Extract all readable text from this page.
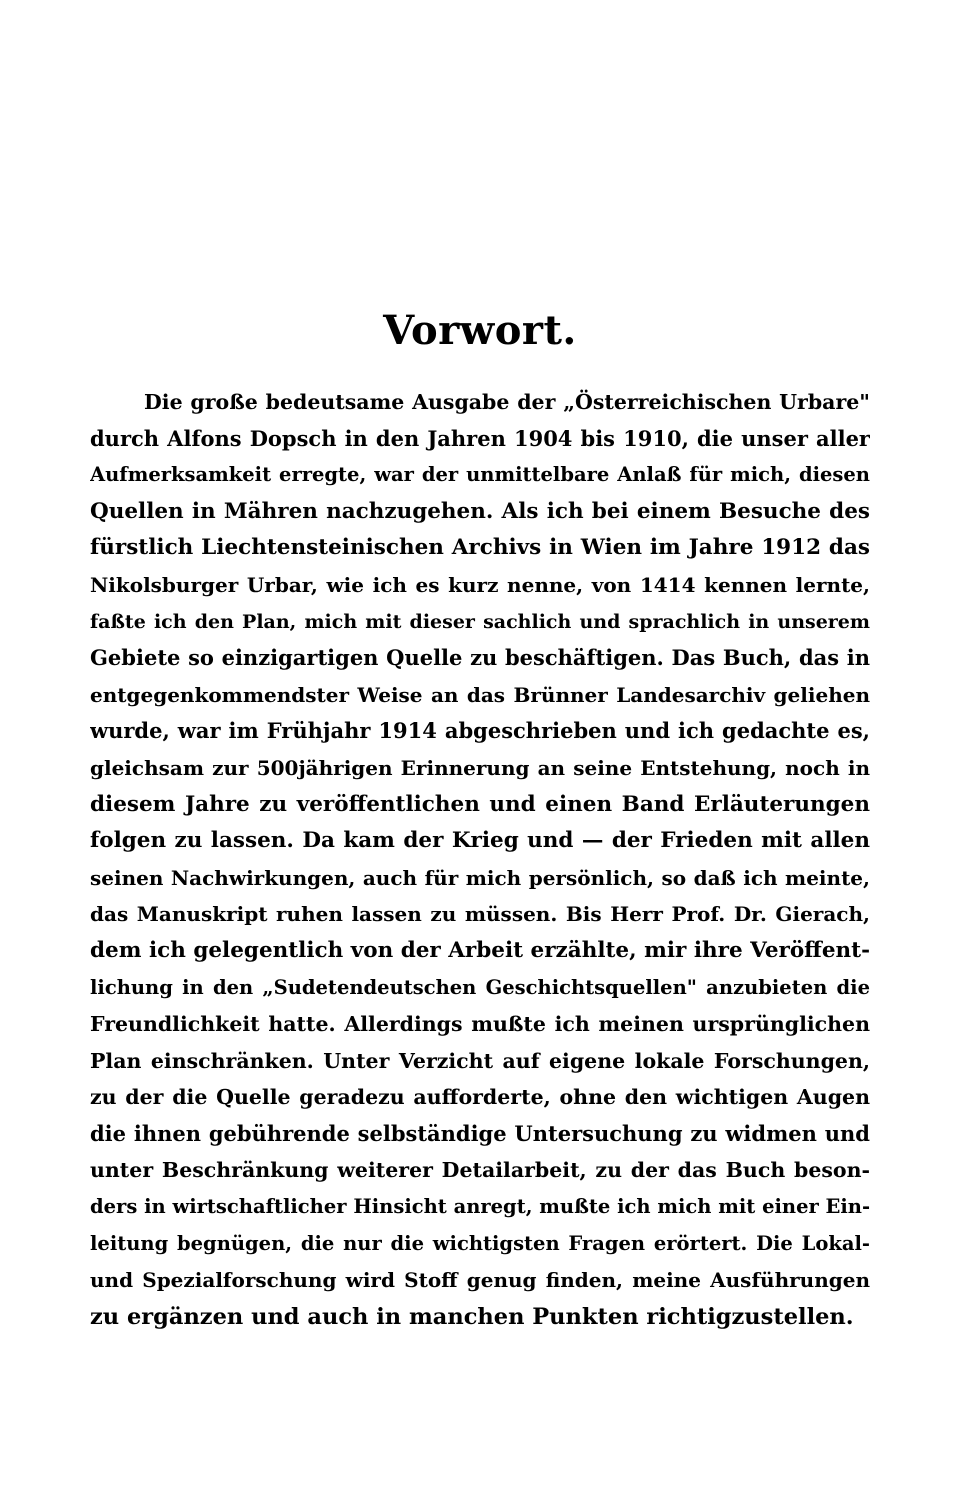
Vorwort.
Die große bedeutsame Ausgabe der „Österreichischen Urbare"
durch Alfons Dopsch in den Jahren 1904 bis 1910, die unser aller
Aufmerksamkeit erregte, war der unmittelbare Anlaß für mich, diesen
Quellen in Mähren nachzugehen. Als ich bei einem Besuche des
fürstlich Liechtensteinischen Archivs in Wien im Jahre 1912 das
Nikolsburger Urbar, wie ich es kurz nenne, von 1414 kennen lernte,
faßte ich den Plan, mich mit dieser sachlich und sprachlich in unserem
Gebiete so einzigartigen Quelle zu beschäftigen. Das Buch, das in
entgegenkommendster Weise an das Brünner Landesarchiv geliehen
wurde, war im Frühjahr 1914 abgeschrieben und ich gedachte es,
gleichsam zur 500jährigen Erinnerung an seine Entstehung, noch in
diesem Jahre zu veröffentlichen und einen Band Erläuterungen
folgen zu lassen. Da kam der Krieg und — der Frieden mit allen
seinen Nachwirkungen, auch für mich persönlich, so daß ich meinte,
das Manuskript ruhen lassen zu müssen. Bis Herr Prof. Dr. Gierach,
dem ich gelegentlich von der Arbeit erzählte, mir ihre Veröffent-
lichung in den „Sudetendeutschen Geschichtsquellen" anzubieten die
Freundlichkeit hatte. Allerdings mußte ich meinen ursprünglichen
Plan einschränken. Unter Verzicht auf eigene lokale Forschungen,
zu der die Quelle geradezu aufforderte, ohne den wichtigen Augen
die ihnen gebührende selbständige Untersuchung zu widmen und
unter Beschränkung weiterer Detailarbeit, zu der das Buch beson-
ders in wirtschaftlicher Hinsicht anregt, mußte ich mich mit einer Ein-
leitung begnügen, die nur die wichtigsten Fragen erörtert. Die Lokal-
und Spezialforschung wird Stoff genug finden, meine Ausführungen
zu ergänzen und auch in manchen Punkten richtigzustellen.
